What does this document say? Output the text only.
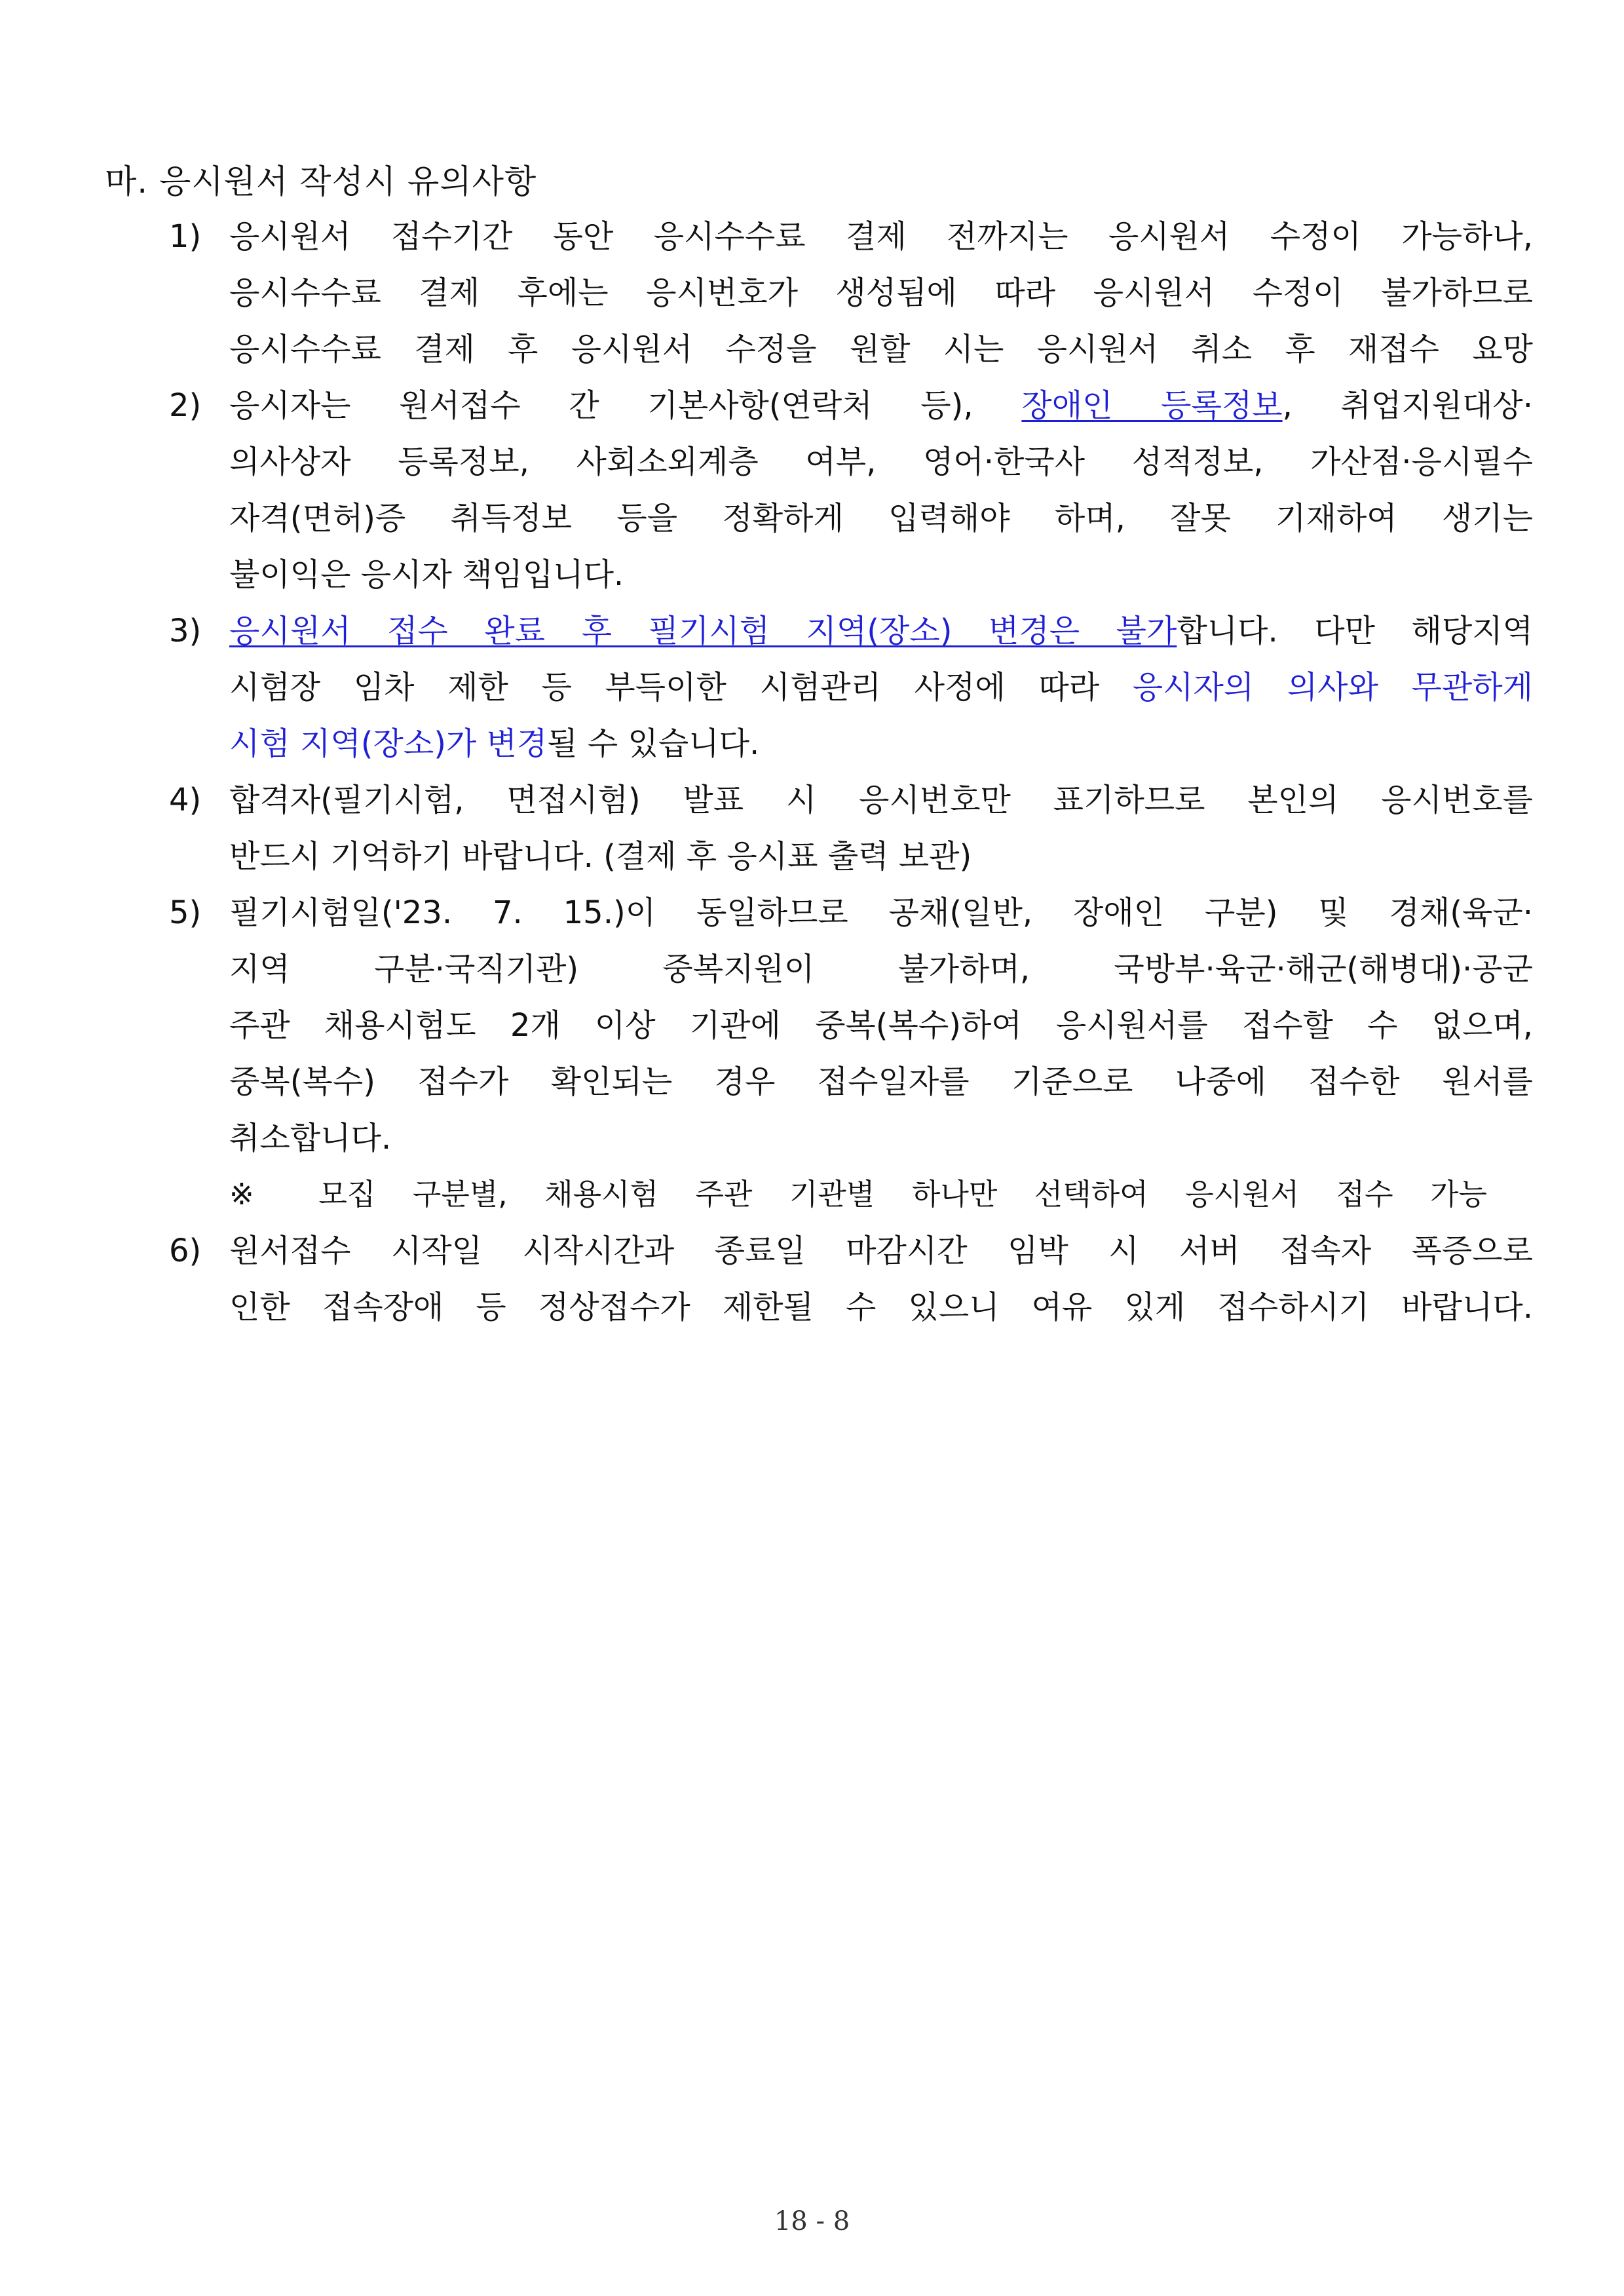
마. 응시원서 작성시 유의사항
1) 응시원서 접수기간 동안 응시수수료 결제 전까지는 응시원서 수정이 가능하나,
응시수수료 결제 후에는 응시번호가 생성됨에 따라 응시원서 수정이 불가하므로
응시수수료 결제 후 응시원서 수정을 원할 시는 응시원서 취소 후 재접수 요망
2) 응시자는 원서접수 간 기본사항(연락처 등), 장애인 등록정보, 취업지원대상·
의사상자 등록정보, 사회소외계층 여부, 영어·한국사 성적정보, 가산점·응시필수
자격(면허)증 취득정보 등을 정확하게 입력해야 하며, 잘못 기재하여 생기는
불이익은 응시자 책임입니다.
3) 응시원서 접수 완료 후 필기시험 지역(장소) 변경은 불가합니다. 다만 해당지역
시험장 임차 제한 등 부득이한 시험관리 사정에 따라 응시자의 의사와 무관하게
시험 지역(장소)가 변경될 수 있습니다.
4) 합격자(필기시험, 면접시험) 발표 시 응시번호만 표기하므로 본인의 응시번호를
반드시 기억하기 바랍니다. (결제 후 응시표 출력 보관)
5) 필기시험일('23. 7. 15.)이 동일하므로 공채(일반, 장애인 구분) 및 경채(육군·
지역 구분·국직기관) 중복지원이 불가하며, 국방부·육군·해군(해병대)·공군
주관 채용시험도 2개 이상 기관에 중복(복수)하여 응시원서를 접수할 수 없으며,
중복(복수) 접수가 확인되는 경우 접수일자를 기준으로 나중에 접수한 원서를
취소합니다.
※ 모집 구분별, 채용시험 주관 기관별 하나만 선택하여 응시원서 접수 가능
6) 원서접수 시작일 시작시간과 종료일 마감시간 임박 시 서버 접속자 폭증으로
인한 접속장애 등 정상접수가 제한될 수 있으니 여유 있게 접수하시기 바랍니다.
18 - 8
